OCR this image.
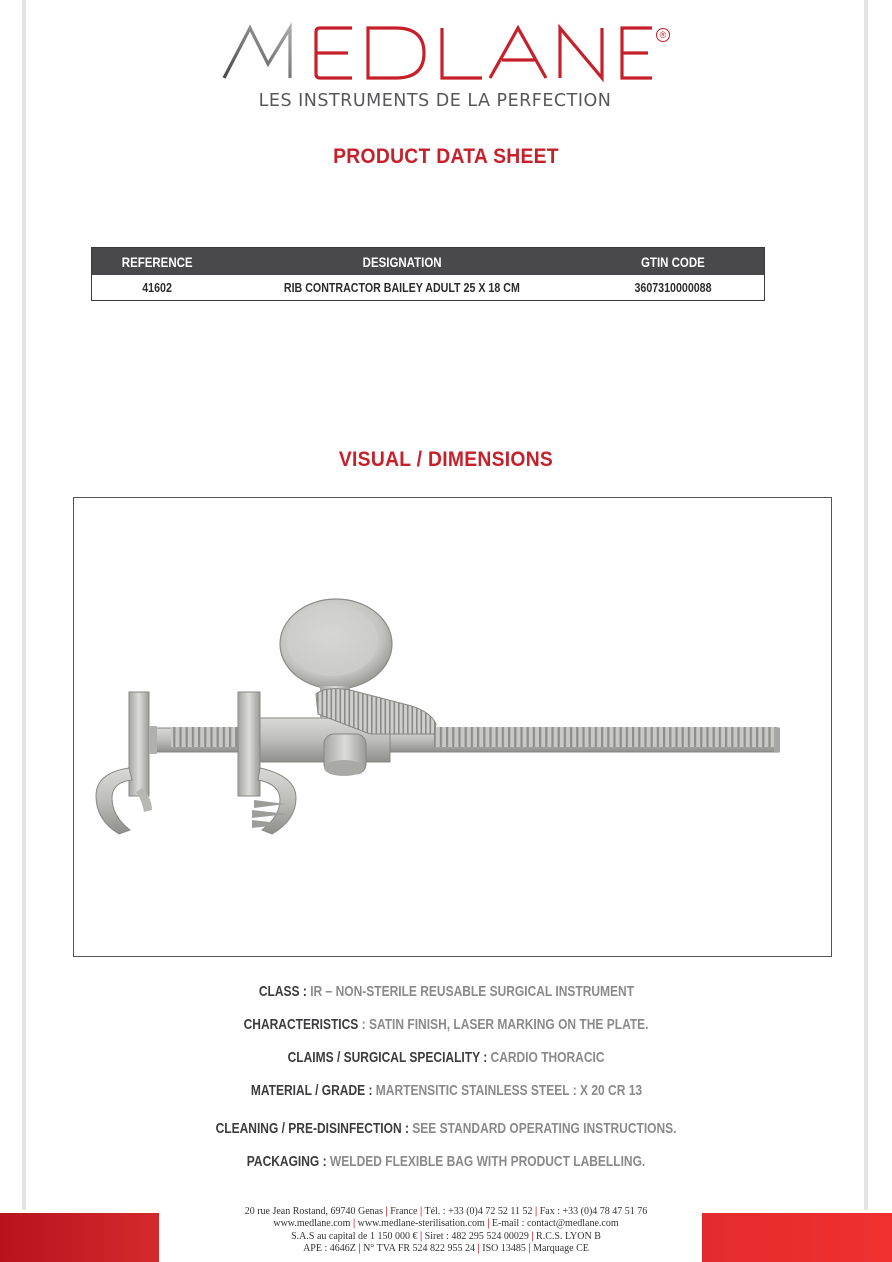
®
LES INSTRUMENTS DE LA PERFECTION
PRODUCT DATA SHEET
REFERENCE	DESIGNATION	GTIN CODE
41602	RIB CONTRACTOR BAILEY ADULT 25 X 18 CM	3607310000088
VISUAL / DIMENSIONS
CLASS : IR – NON-STERILE REUSABLE SURGICAL INSTRUMENT
CHARACTERISTICS : SATIN FINISH, LASER MARKING ON THE PLATE.
CLAIMS / SURGICAL SPECIALITY : CARDIO THORACIC
MATERIAL / GRADE : MARTENSITIC STAINLESS STEEL : X 20 CR 13
CLEANING / PRE-DISINFECTION : SEE STANDARD OPERATING INSTRUCTIONS.
PACKAGING : WELDED FLEXIBLE BAG WITH PRODUCT LABELLING.
20 rue Jean Rostand, 69740 Genas | France | Tél. : +33 (0)4 72 52 11 52 | Fax : +33 (0)4 78 47 51 76
www.medlane.com | www.medlane-sterilisation.com | E-mail : contact@medlane.com
S.A.S au capital de 1 150 000 € | Siret : 482 295 524 00029 | R.C.S. LYON B
APE : 4646Z | N° TVA FR 524 822 955 24 | ISO 13485 | Marquage CE
